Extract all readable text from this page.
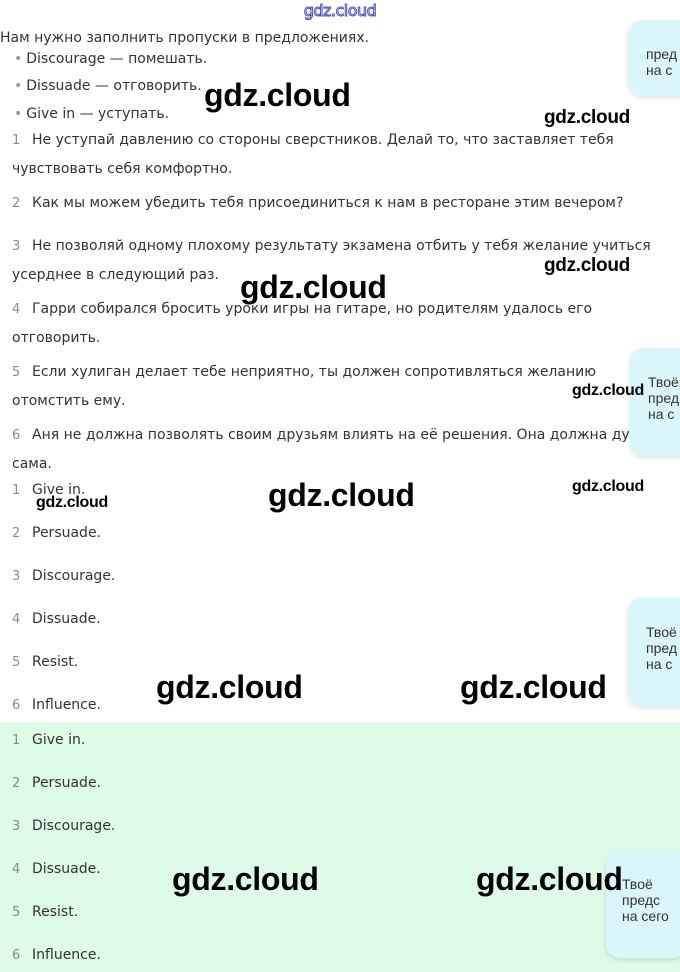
gdz.cloud
Нам нужно заполнить пропуски в предложениях.
• Discourage — помешать.
• Dissuade — отговорить.
• Give in — уступать.
1 Не уступай давлению со стороны сверстников. Делай то, что заставляет тебя
чувствовать себя комфортно.
2 Как мы можем убедить тебя присоединиться к нам в ресторане этим вечером?
3 Не позволяй одному плохому результату экзамена отбить у тебя желание учиться
усерднее в следующий раз.
4 Гарри собирался бросить уроки игры на гитаре, но родителям удалось его
отговорить.
5 Если хулиган делает тебе неприятно, ты должен сопротивляться желанию
отомстить ему.
6 Аня не должна позволять своим друзьям влиять на её решения. Она должна ду
сама.
1 Give in.
2 Persuade.
3 Discourage.
4 Dissuade.
5 Resist.
6 Influence.
1 Give in.
2 Persuade.
3 Discourage.
4 Dissuade.
5 Resist.
6 Influence.
пред
на с
Твоё
пред
на с
Твоё
пред
на с
Твоё
предс
на сего
gdz.cloud
gdz.cloud
gdz.cloud
gdz.cloud
gdz.cloud
gdz.cloud	gdz.cloud
gdz.cloud
gdz.cloud	gdz.cloud
gdz.cloud	gdz.cloud
